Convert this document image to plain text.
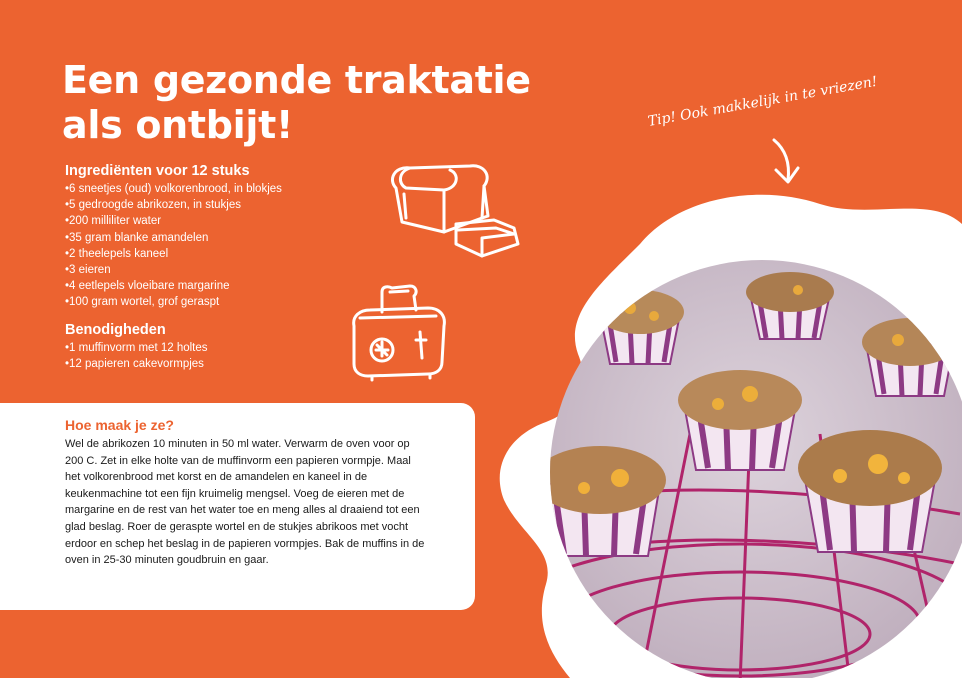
Een gezonde traktatie
als ontbijt!
Ingrediënten voor 12 stuks
• 6 sneetjes (oud) volkorenbrood, in blokjes
• 5 gedroogde abrikozen, in stukjes
• 200 milliliter water
• 35 gram blanke amandelen
• 2 theelepels kaneel
• 3 eieren
• 4 eetlepels vloeibare margarine
• 100 gram wortel, grof geraspt
Benodigheden
• 1 muffinvorm met 12 holtes
• 12 papieren cakevormpjes
Hoe maak je ze?

Wel de abrikozen 10 minuten in 50 ml water. Verwarm de oven voor op 200 C. Zet in elke holte van de muffinvorm een papieren vormpje. Maal het volkorenbrood met korst en de amandelen en kaneel in de keukenmachine tot een fijn kruimelig mengsel. Voeg de eieren met de margarine en de rest van het water toe en meng alles al draaiend tot een glad beslag. Roer de geraspte wortel en de stukjes abrikoos met vocht erdoor en schep het beslag in de papieren vormpjes. Bak de muffins in de oven in 25-30 minuten goudbruin en gaar.

Tip! Ook makkelijk in te vriezen!
